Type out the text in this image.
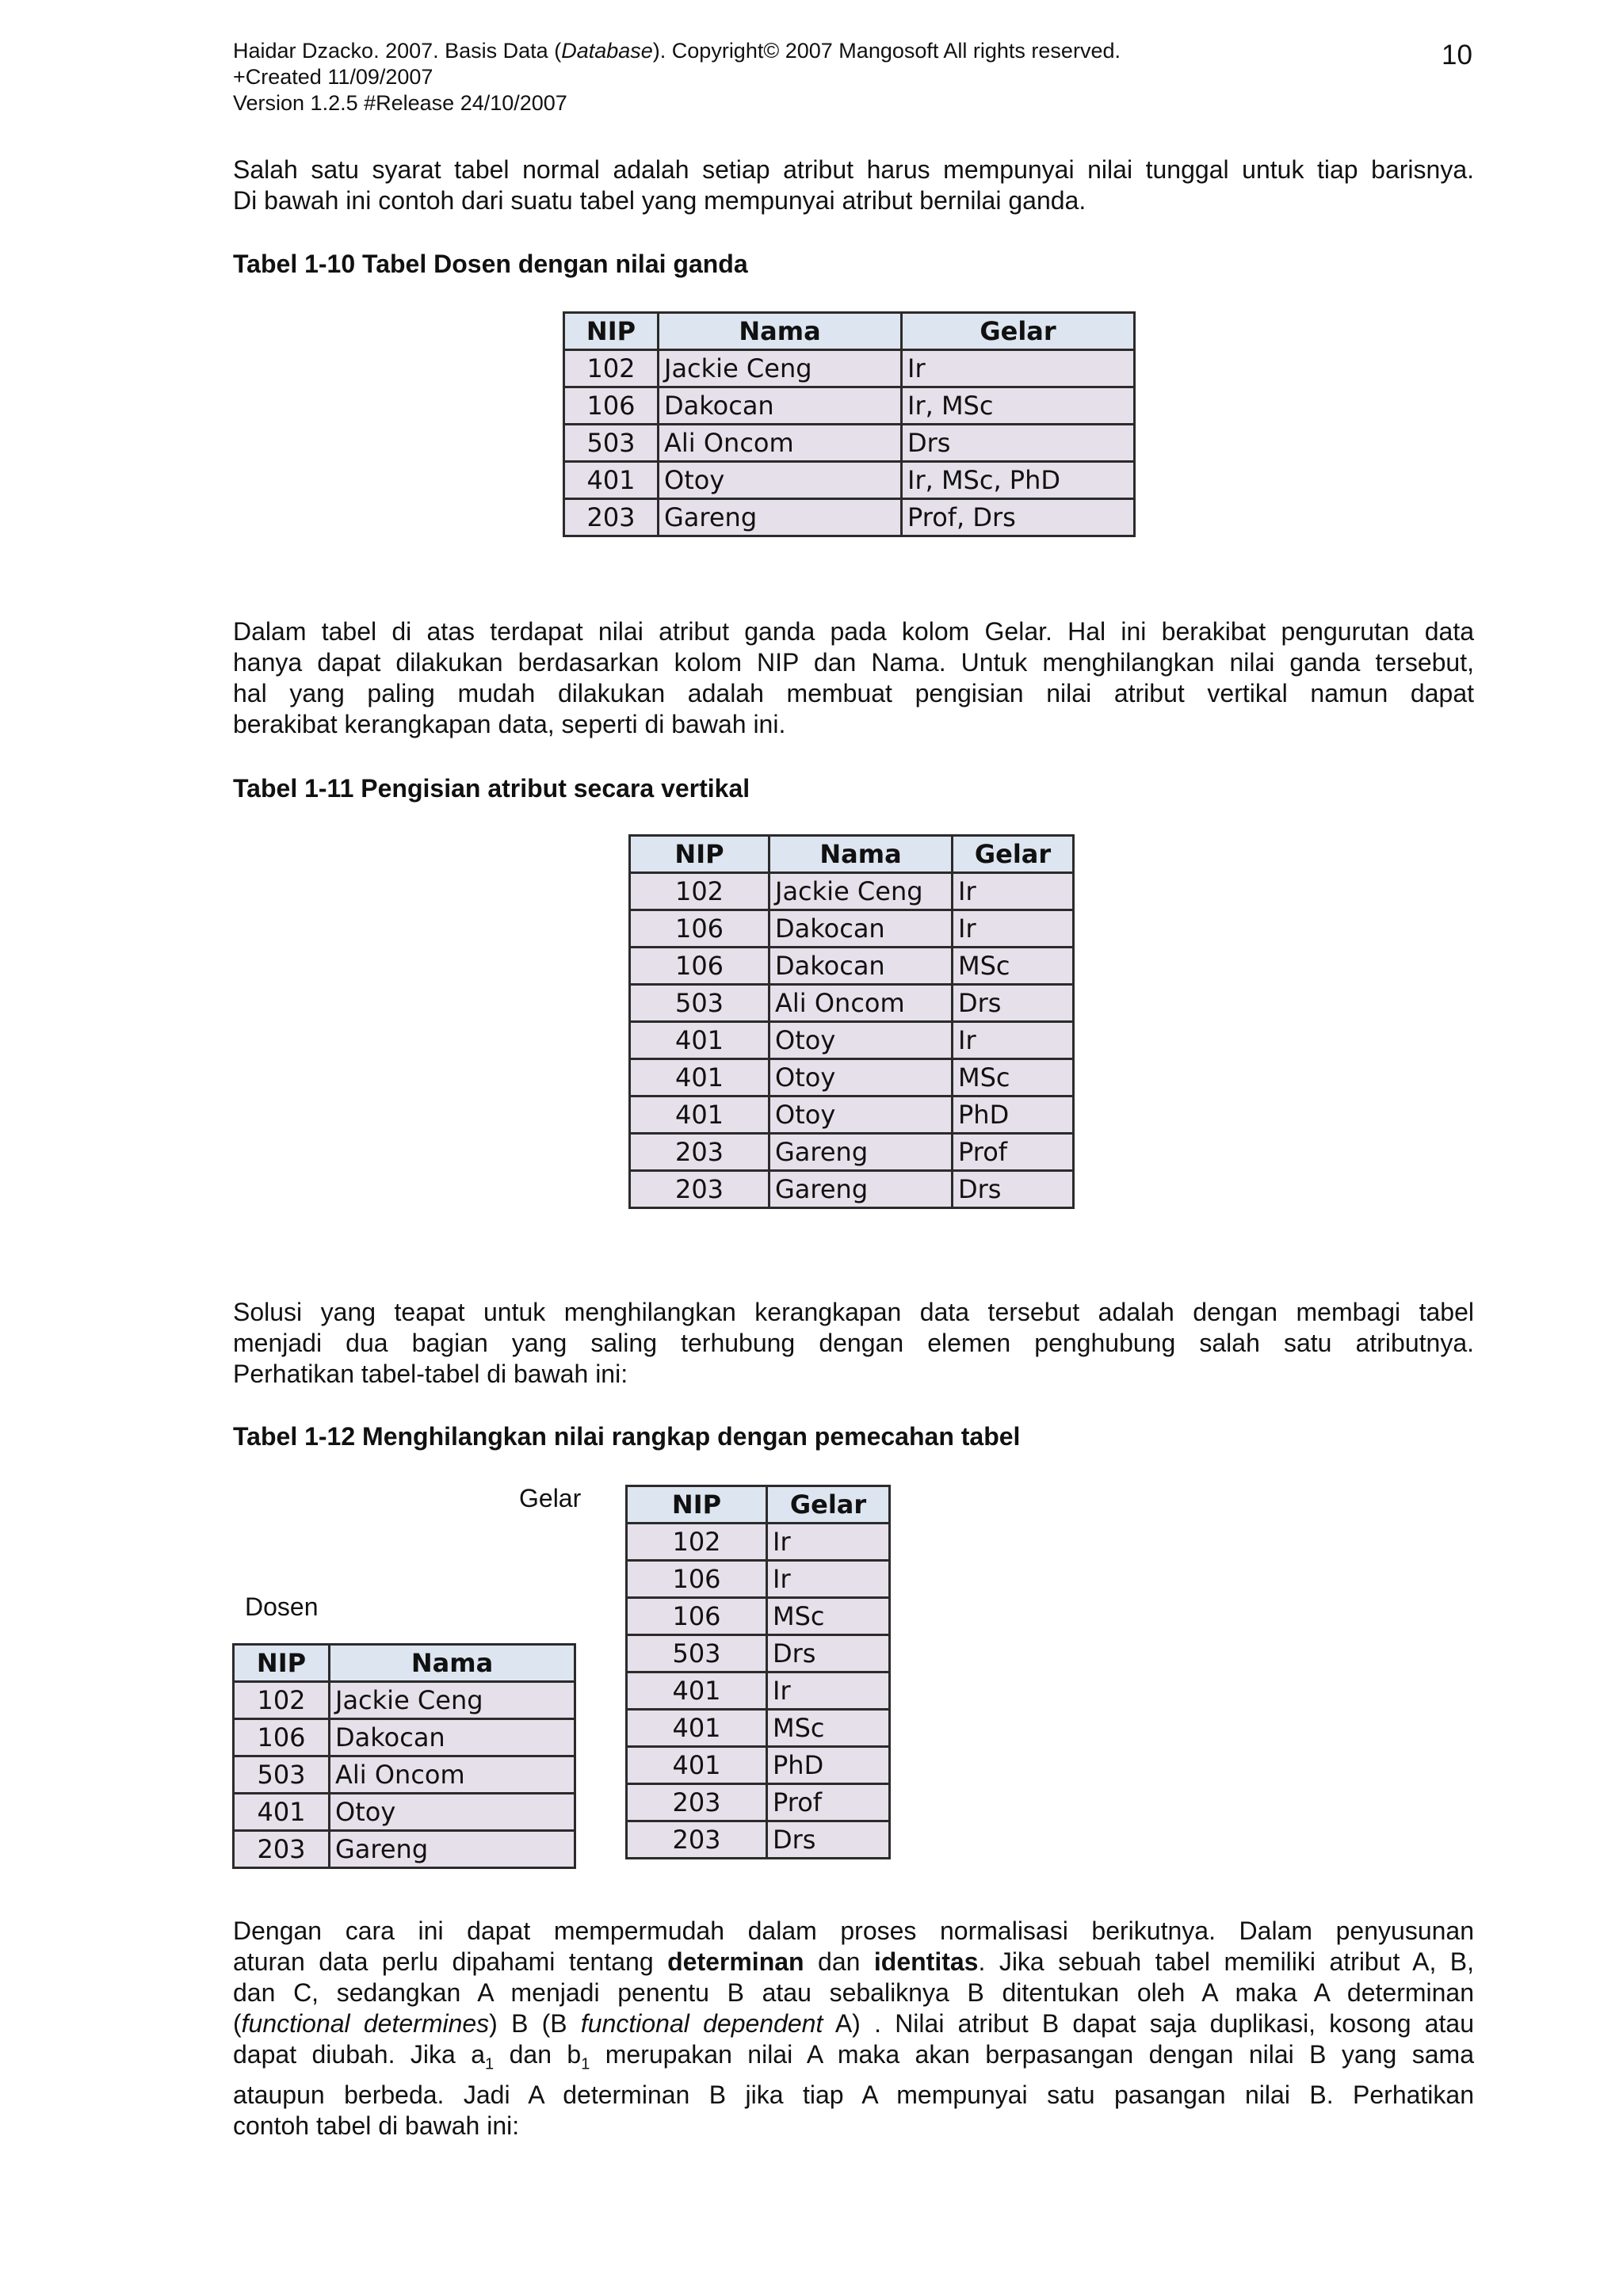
Haidar Dzacko. 2007. Basis Data (Database). Copyright© 2007 Mangosoft All rights reserved.
+Created 11/09/2007
Version 1.2.5 #Release 24/10/2007
10
Salah satu syarat tabel normal adalah setiap atribut harus mempunyai nilai tunggal untuk tiap barisnya.
Di bawah ini contoh dari suatu tabel yang mempunyai atribut bernilai ganda.
Tabel 1-10 Tabel Dosen dengan nilai ganda
NIP	Nama	Gelar
102	Jackie Ceng	Ir
106	Dakocan	Ir, MSc
503	Ali Oncom	Drs
401	Otoy	Ir, MSc, PhD
203	Gareng	Prof, Drs
Dalam tabel di atas terdapat nilai atribut ganda pada kolom Gelar. Hal ini berakibat pengurutan data
hanya dapat dilakukan berdasarkan kolom NIP dan Nama. Untuk menghilangkan nilai ganda tersebut,
hal yang paling mudah dilakukan adalah membuat pengisian nilai atribut vertikal namun dapat
berakibat kerangkapan data, seperti di bawah ini.
Tabel 1-11 Pengisian atribut secara vertikal
NIP	Nama	Gelar
102	Jackie Ceng	Ir
106	Dakocan	Ir
106	Dakocan	MSc
503	Ali Oncom	Drs
401	Otoy	Ir
401	Otoy	MSc
401	Otoy	PhD
203	Gareng	Prof
203	Gareng	Drs
Solusi yang teapat untuk menghilangkan kerangkapan data tersebut adalah dengan membagi tabel
menjadi dua bagian yang saling terhubung dengan elemen penghubung salah satu atributnya.
Perhatikan tabel-tabel di bawah ini:
Tabel 1-12 Menghilangkan nilai rangkap dengan pemecahan tabel
Gelar
Dosen
NIP	Nama
102	Jackie Ceng
106	Dakocan
503	Ali Oncom
401	Otoy
203	Gareng
NIP	Gelar
102	Ir
106	Ir
106	MSc
503	Drs
401	Ir
401	MSc
401	PhD
203	Prof
203	Drs
Dengan cara ini dapat mempermudah dalam proses normalisasi berikutnya. Dalam penyusunan
aturan data perlu dipahami tentang determinan dan identitas. Jika sebuah tabel memiliki atribut A, B,
dan C, sedangkan A menjadi penentu B atau sebaliknya B ditentukan oleh A maka A determinan
(functional determines) B (B functional dependent A) . Nilai atribut B dapat saja duplikasi, kosong atau
dapat diubah. Jika $a_1$ dan $b_1$ merupakan nilai A maka akan berpasangan dengan nilai B yang sama
ataupun berbeda. Jadi A determinan B jika tiap A mempunyai satu pasangan nilai B. Perhatikan
contoh tabel di bawah ini:
